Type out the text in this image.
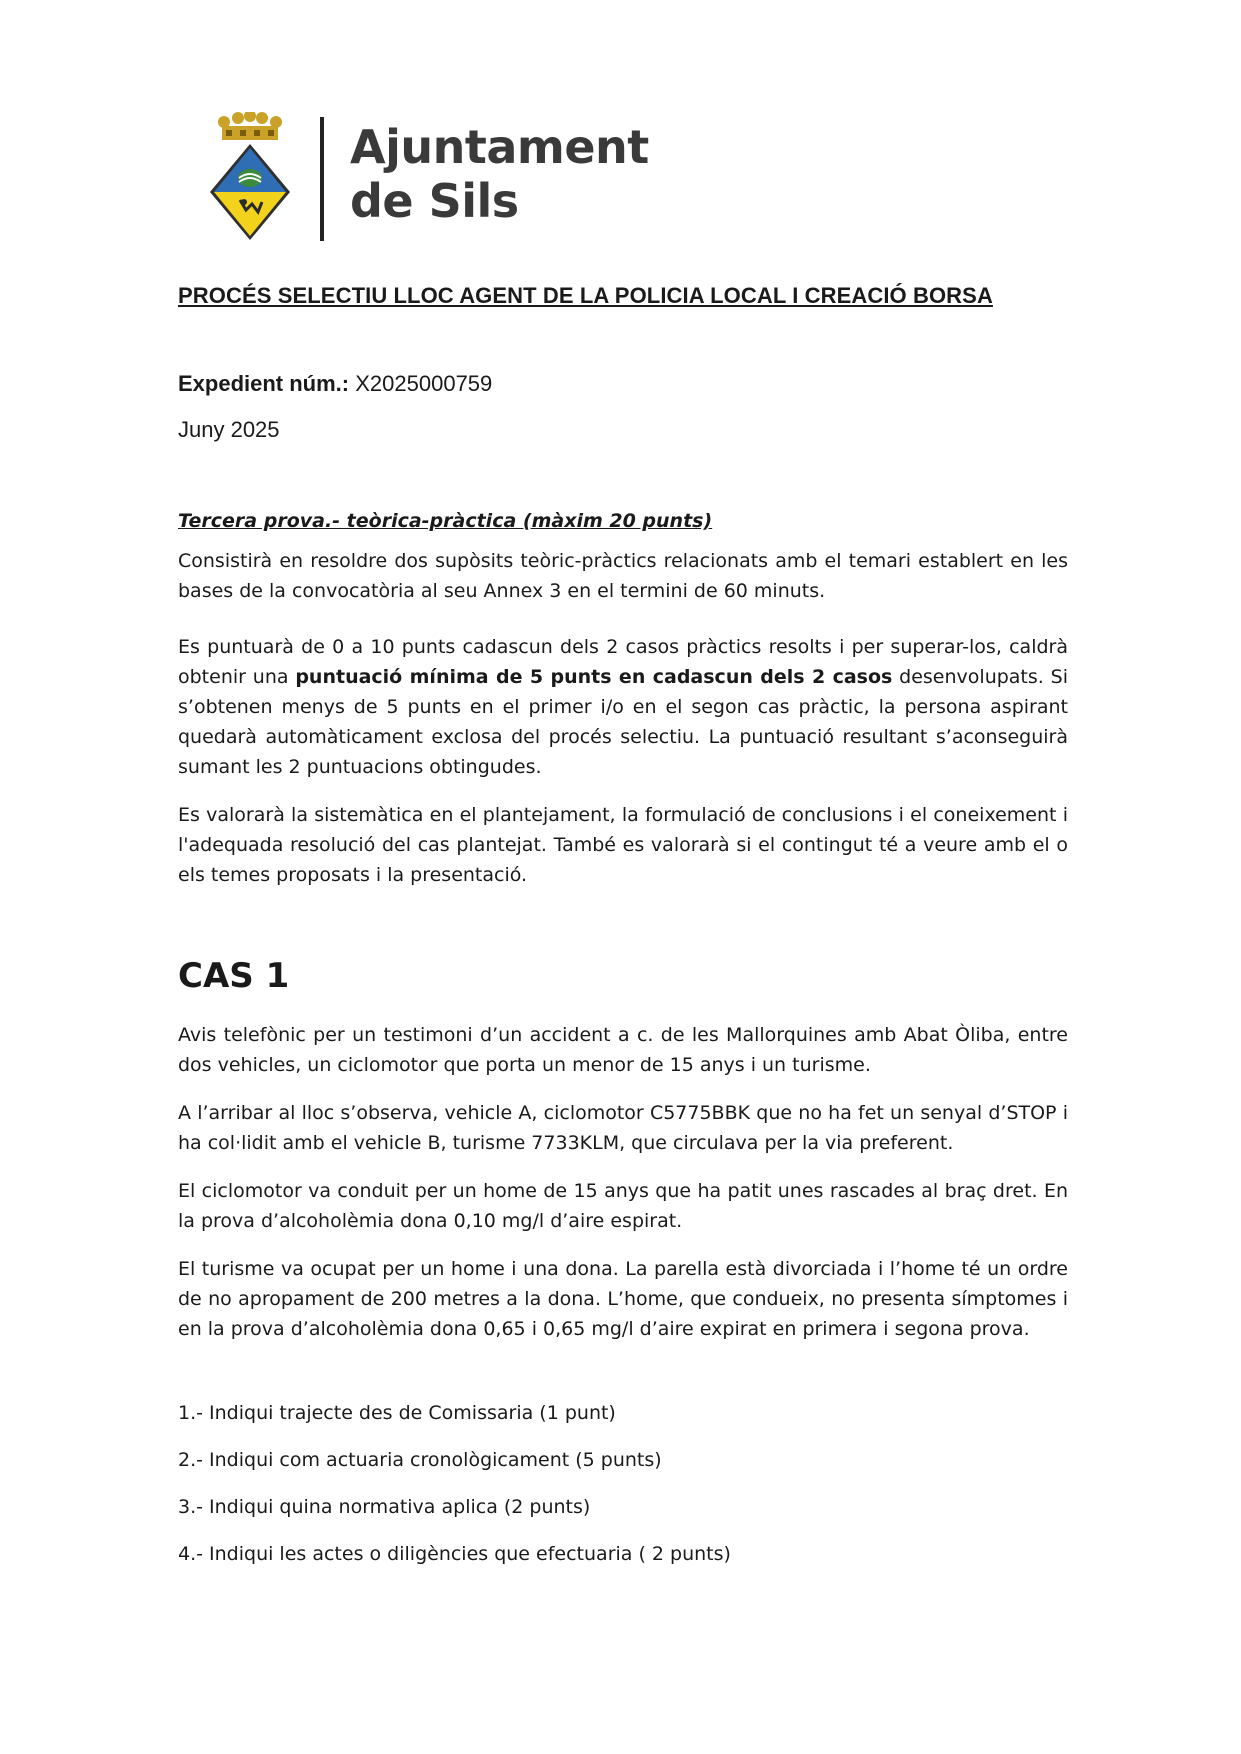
Ajuntament
de Sils
PROCÉS SELECTIU LLOC AGENT DE LA POLICIA LOCAL I CREACIÓ BORSA
Expedient núm.: X2025000759
Juny 2025
Tercera prova.- teòrica-pràctica (màxim 20 punts)

Consistirà en resoldre dos supòsits teòric-pràctics relacionats amb el temari establert en les bases de la convocatòria al seu Annex 3 en el termini de 60 minuts.

Es puntuarà de 0 a 10 punts cadascun dels 2 casos pràctics resolts i per superar-los, caldrà obtenir una puntuació mínima de 5 punts en cadascun dels 2 casos desenvolupats. Si s’obtenen menys de 5 punts en el primer i/o en el segon cas pràctic, la persona aspirant quedarà automàticament exclosa del procés selectiu. La puntuació resultant s’aconseguirà sumant les 2 puntuacions obtingudes.

Es valorarà la sistemàtica en el plantejament, la formulació de conclusions i el coneixement i l'adequada resolució del cas plantejat. També es valorarà si el contingut té a veure amb el o els temes proposats i la presentació.

CAS 1

Avis telefònic per un testimoni d’un accident a c. de les Mallorquines amb Abat Òliba, entre dos vehicles, un ciclomotor que porta un menor de 15 anys i un turisme.

A l’arribar al lloc s’observa, vehicle A, ciclomotor C5775BBK que no ha fet un senyal d’STOP i ha col·lidit amb el vehicle B, turisme 7733KLM, que circulava per la via preferent.

El ciclomotor va conduit per un home de 15 anys que ha patit unes rascades al braç dret. En la prova d’alcoholèmia dona 0,10 mg/l d’aire espirat.

El turisme va ocupat per un home i una dona. La parella està divorciada i l’home té un ordre de no apropament de 200 metres a la dona. L’home, que condueix, no presenta símptomes i en la prova d’alcoholèmia dona 0,65 i 0,65 mg/l d’aire expirat en primera i segona prova.

1.- Indiqui trajecte des de Comissaria (1 punt)
2.- Indiqui com actuaria cronològicament (5 punts)
3.- Indiqui quina normativa aplica (2 punts)
4.- Indiqui les actes o diligències que efectuaria ( 2 punts)
